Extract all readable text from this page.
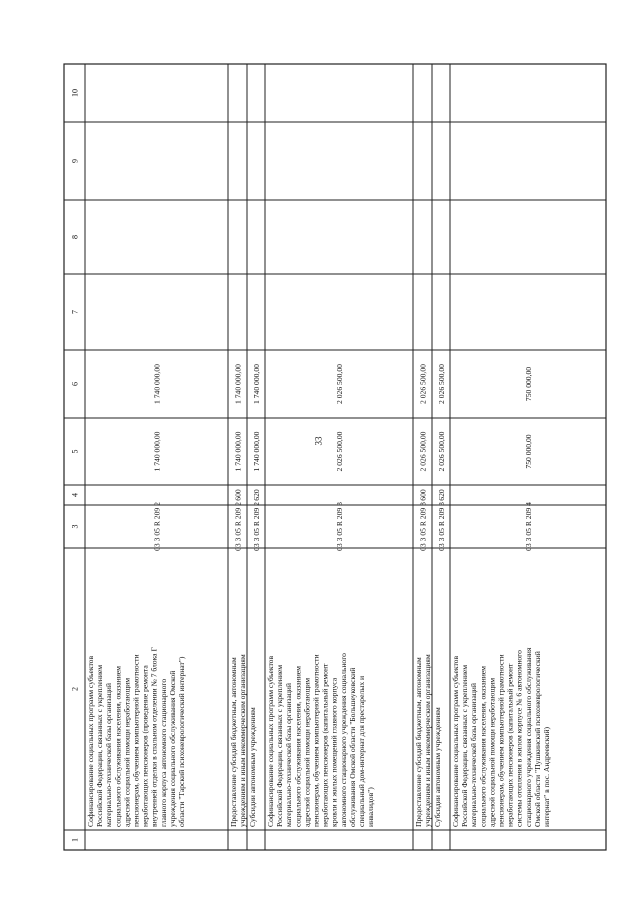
33
1
2
3
4
5
6
7
8
9
10
Софинансирование социальных программ субъектов Российской Федерации, связанных с укреплением материально-технической базы организаций социального обслуживания населения, оказанием адресной социальной помощи неработающим пенсионерам, обучением компьютерной грамотности неработающих пенсионеров (проведение ремонта внутренней отделки в спальном отделении № 7 блока Г главного корпуса автономного стационарного учреждения социального обслуживания Омской области "Тарский психоневрологический интернат")
03 3 05 R 209 2
1 740 000,00
1 740 000,00
Предоставление субсидий бюджетным, автономным учреждениям и иным некоммерческим организациям
03 3 05 R 209 2
600
1 740 000,00
1 740 000,00
Субсидии автономным учреждениям
03 3 05 R 209 2
620
1 740 000,00
1 740 000,00
Софинансирование социальных программ субъектов Российской Федерации, связанных с укреплением материально-технической базы организаций социального обслуживания населения, оказанием адресной социальной помощи неработающим пенсионерам, обучением компьютерной грамотности неработающих пенсионеров (капитальный ремонт кровли и жилых помещений главного корпуса автономного стационарного учреждения социального обслуживания Омской области "Большеуковский специальный дом-интернат для престарелых и инвалидов")
03 3 05 R 209 3
2 026 500,00
2 026 500,00
Предоставление субсидий бюджетным, автономным учреждениям и иным некоммерческим организациям
03 3 05 R 209 3
600
2 026 500,00
2 026 500,00
Субсидии автономным учреждениям
03 3 05 R 209 3
620
2 026 500,00
2 026 500,00
Софинансирование социальных программ субъектов Российской Федерации, связанных с укреплением материально-технической базы организаций социального обслуживания населения, оказанием адресной социальной помощи неработающим пенсионерам, обучением компьютерной грамотности неработающих пенсионеров (капитальный ремонт системы отопления в жилом корпусе № 6 автономного стационарного учреждения социального обслуживания Омской области "Пушкинский психоневрологический интернат" в пос. Андреевский)
03 3 05 R 209 4
750 000,00
750 000,00
